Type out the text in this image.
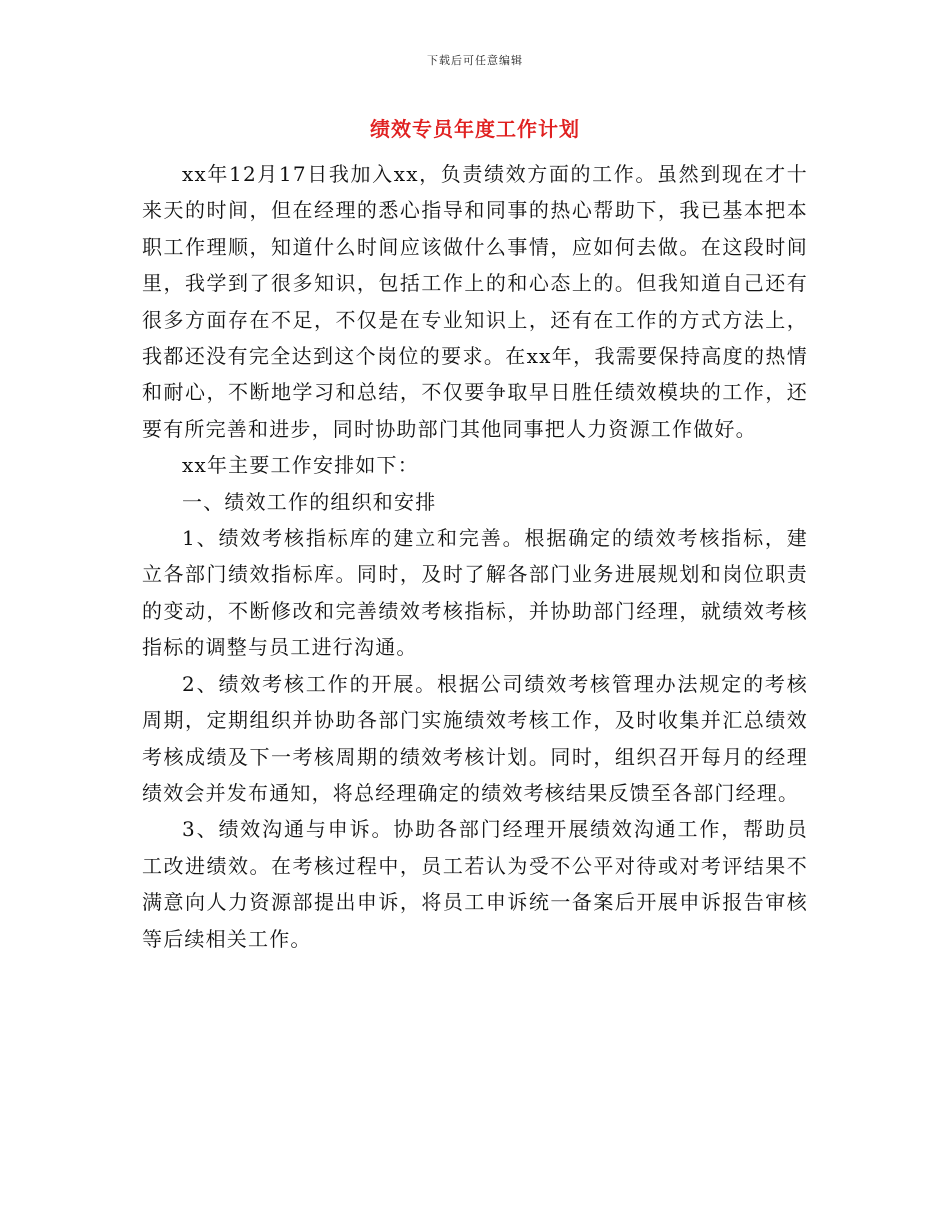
下载后可任意编辑
绩效专员年度工作计划

xx年12月17日我加入xx，负责绩效方面的工作。虽然到现在才十来天的时间，但在经理的悉心指导和同事的热心帮助下，我已基本把本职工作理顺，知道什么时间应该做什么事情，应如何去做。在这段时间里，我学到了很多知识，包括工作上的和心态上的。但我知道自己还有很多方面存在不足，不仅是在专业知识上，还有在工作的方式方法上，我都还没有完全达到这个岗位的要求。在xx年，我需要保持高度的热情和耐心，不断地学习和总结，不仅要争取早日胜任绩效模块的工作，还要有所完善和进步，同时协助部门其他同事把人力资源工作做好。

xx年主要工作安排如下：

一、绩效工作的组织和安排

1、绩效考核指标库的建立和完善。根据确定的绩效考核指标，建立各部门绩效指标库。同时，及时了解各部门业务进展规划和岗位职责的变动，不断修改和完善绩效考核指标，并协助部门经理，就绩效考核指标的调整与员工进行沟通。

2、绩效考核工作的开展。根据公司绩效考核管理办法规定的考核周期，定期组织并协助各部门实施绩效考核工作，及时收集并汇总绩效考核成绩及下一考核周期的绩效考核计划。同时，组织召开每月的经理绩效会并发布通知，将总经理确定的绩效考核结果反馈至各部门经理。

3、绩效沟通与申诉。协助各部门经理开展绩效沟通工作，帮助员工改进绩效。在考核过程中，员工若认为受不公平对待或对考评结果不满意向人力资源部提出申诉，将员工申诉统一备案后开展申诉报告审核等后续相关工作。
